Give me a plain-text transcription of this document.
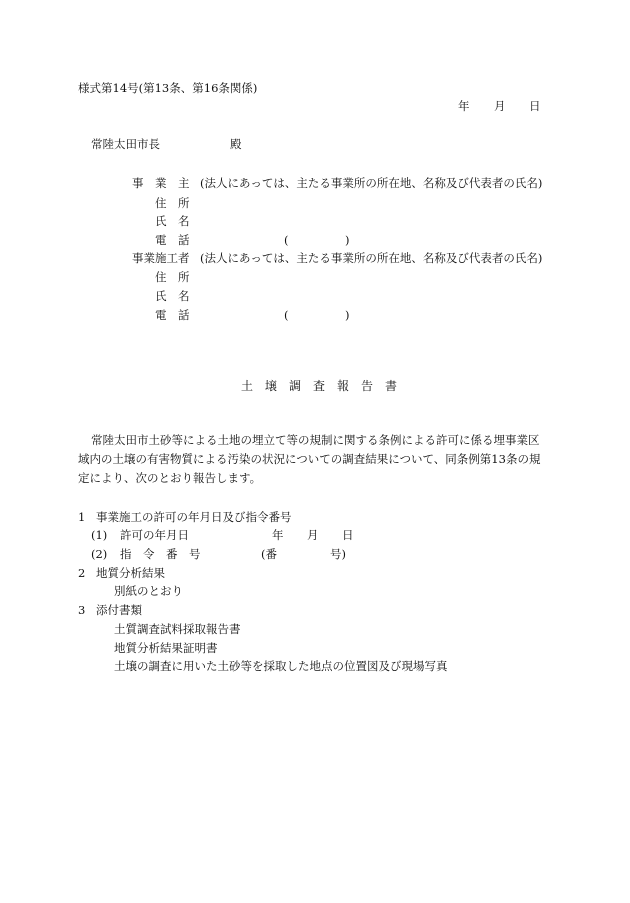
様式第14号(第13条、第16条関係)
年 月 日
常陸太田市長	殿
事　業　主 (法人にあっては、主たる事業所の所在地、名称及び代表者の氏名)
住　所
氏　名
電　話	(	)
事業施工者 (法人にあっては、主たる事業所の所在地、名称及び代表者の氏名)
住　所
氏　名
電　話	(	)
土　壌　調　査　報　告　書
常陸太田市土砂等による土地の埋立て等の規制に関する条例による許可に係る埋事業区
域内の土壌の有害物質による汚染の状況についての調査結果について、同条例第13条の規
定により、次のとおり報告します。
1 事業施工の許可の年月日及び指令番号
(1) 許可の年月日	年 月 日
(2) 指　令　番　号	(番	号)
2 地質分析結果
別紙のとおり
3 添付書類
土質調査試料採取報告書
地質分析結果証明書
土壌の調査に用いた土砂等を採取した地点の位置図及び現場写真
